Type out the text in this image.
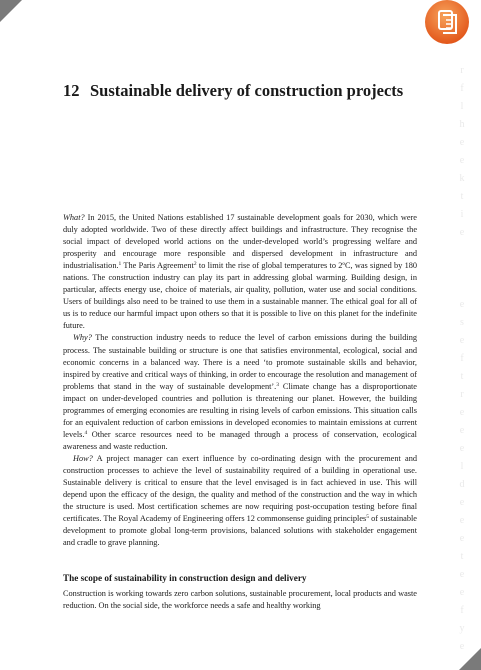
r
f
l
h
e
e
k
t
i
e
e
s
e
f
t
r
e
e
e
l
d
e
e
e
t
e
e
f
y
e
12 Sustainable delivery of construction projects

What? In 2015, the United Nations established 17 sustainable development goals for 2030, which were duly adopted worldwide. Two of these directly affect buildings and infrastructure. They recognise the social impact of developed world actions on the under-developed world’s progressing welfare and prosperity and encourage more responsible and dispersed development in infrastructure and industrialisation.$^1$ The Paris Agreement$^2$ to limit the rise of global temperatures to 2ºC, was signed by 180 nations. The construction industry can play its part in addressing global warming. Building design, in particular, affects energy use, choice of materials, air quality, pollution, water use and social conditions. Users of buildings also need to be trained to use them in a sustainable manner. The ethical goal for all of us is to reduce our harmful impact upon others so that it is possible to live on this planet for the indefinite future.

Why? The construction industry needs to reduce the level of carbon emissions during the building process. The sustainable building or structure is one that satisfies environmental, ecological, social and economic concerns in a balanced way. There is a need ‘to promote sustainable skills and behavior, inspired by creative and critical ways of thinking, in order to encourage the resolution and management of problems that stand in the way of sustainable development’.$^3$ Climate change has a disproportionate impact on under-developed countries and pollution is threatening our planet. However, the building programmes of emerging economies are resulting in rising levels of carbon emissions. This situation calls for an equivalent reduction of carbon emissions in developed economies to maintain emissions at current levels.$^4$ Other scarce resources need to be managed through a process of conservation, ecological awareness and waste reduction.

How? A project manager can exert influence by co-ordinating design with the procurement and construction processes to achieve the level of sustainability required of a building in operational use. Sustainable delivery is critical to ensure that the level envisaged is in fact achieved in use. This will depend upon the efficacy of the design, the quality and method of the construction and the way in which the structure is used. Most certification schemes are now requiring post-occupation testing before final certificates. The Royal Academy of Engineering offers 12 commonsense guiding principles$^5$ of sustainable development to promote global long-term provisions, balanced solutions with stakeholder engagement and cradle to grave planning.

The scope of sustainability in construction design and delivery

Construction is working towards zero carbon solutions, sustainable procurement, local products and waste reduction. On the social side, the workforce needs a safe and healthy working
